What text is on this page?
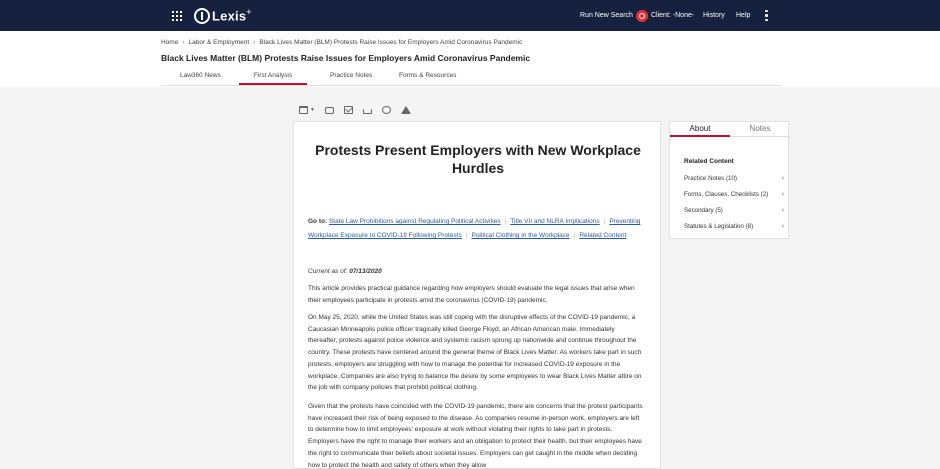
Lexis+	Run New Search	Client: -None- History Help
Home › Labor & Employment › Black Lives Matter (BLM) Protests Raise Issues for Employers Amid Coronavirus Pandemic
Black Lives Matter (BLM) Protests Raise Issues for Employers Amid Coronavirus Pandemic
Law360 News	First Analysis	Practice Notes	Forms & Resources
▼
Protests Present Employers with New Workplace Hurdles
Go to: State Law Prohibitions against Regulating Political Activities | Title VII and NLRA Implications | Preventing Workplace Exposure to COVID-19 Following Protests | Political Clothing in the Workplace | Related Content
Current as of: 07/13/2020
This article provides practical guidance regarding how employers should evaluate the legal issues that arise when their employees participate in protests amid the coronavirus (COVID-19) pandemic.
On May 25, 2020, while the United States was still coping with the disruptive effects of the COVID-19 pandemic, a Caucasian Minneapolis police officer tragically killed George Floyd, an African American male. Immediately thereafter, protests against police violence and systemic racism sprung up nationwide and continue throughout the country. These protests have centered around the general theme of Black Lives Matter. As workers take part in such protests, employers are struggling with how to manage the potential for increased COVID-19 exposure in the workplace. Companies are also trying to balance the desire by some employees to wear Black Lives Matter attire on the job with company policies that prohibit political clothing.
Given that the protests have coincided with the COVID-19 pandemic, there are concerns that the protest participants have increased their risk of being exposed to the disease. As companies resume in-person work, employers are left to determine how to limit employees' exposure at work without violating their rights to take part in protests. Employers have the right to manage their workers and an obligation to protect their health, but their employees have the right to communicate their beliefs about societal issues. Employers can get caught in the middle when deciding how to protect the health and safety of others when they allow
About	Notes
Related Content
Practice Notes (10)	›
Forms, Clauses, Checklists (2) ›
Secondary (5)	›
Statutes & Legislation (8)	›
